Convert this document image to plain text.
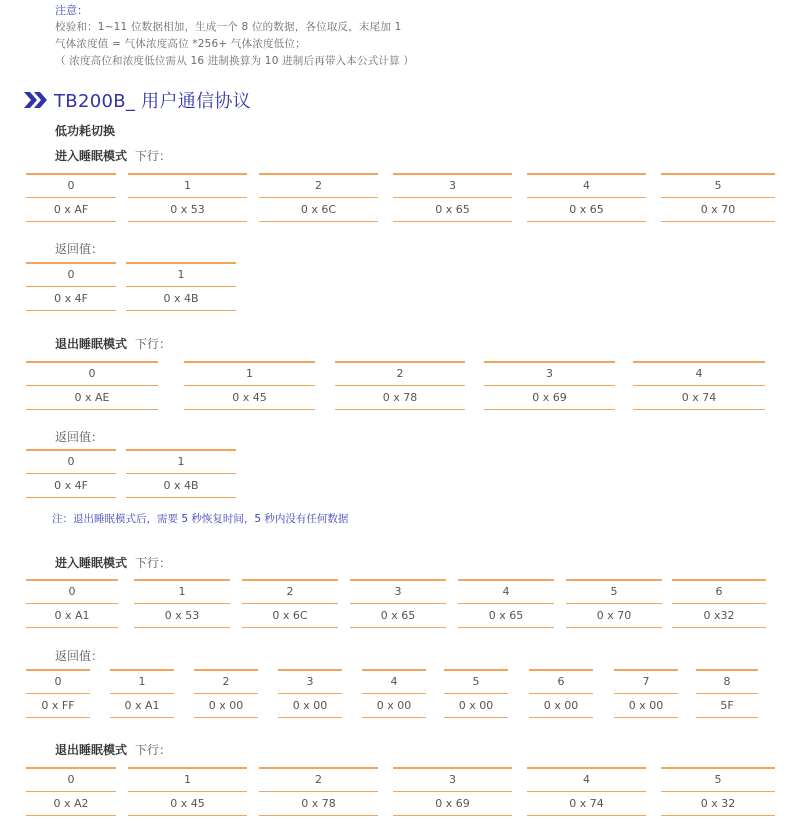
注意：
校验和：1~11 位数据相加，生成一个 8 位的数据，各位取反，末尾加 1
气体浓度值 = 气体浓度高位 *256+ 气体浓度低位；
（ 浓度高位和浓度低位需从 16 进制换算为 10 进制后再带入本公式计算 ）
TB200B_ 用户通信协议
低功耗切换
进入睡眠模式 下行：
0	1	2	3	4	5
0 x AF	0 x 53	0 x 6C	0 x 65	0 x 65	0 x 70
返回值：
0	1
0 x 4F	0 x 4B
退出睡眠模式 下行：
0	1	2	3	4
0 x AE	0 x 45	0 x 78	0 x 69	0 x 74
返回值：
0	1
0 x 4F	0 x 4B
注：退出睡眠模式后，需要 5 秒恢复时间，5 秒内没有任何数据
进入睡眠模式 下行：
0	1	2	3	4	5	6
0 x A1	0 x 53	0 x 6C	0 x 65	0 x 65	0 x 70	0 x32
返回值：
0	1	2	3	4	5	6	7	8
0 x FF	0 x A1	0 x 00	0 x 00	0 x 00	0 x 00	0 x 00	0 x 00	5F
退出睡眠模式 下行：
0	1	2	3	4	5
0 x A2	0 x 45	0 x 78	0 x 69	0 x 74	0 x 32
